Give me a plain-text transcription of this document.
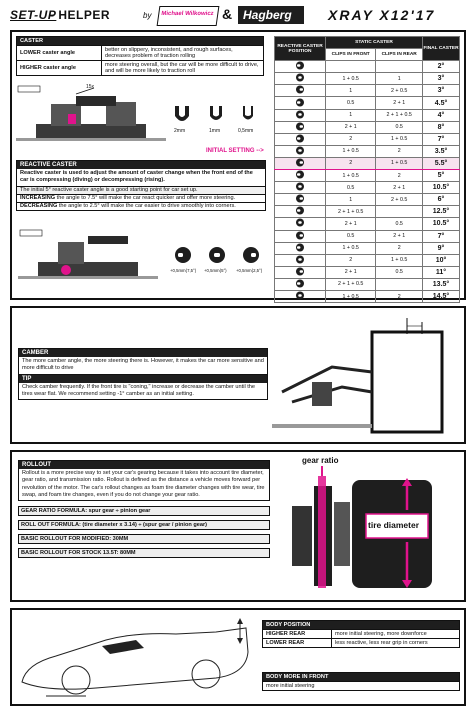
SET-UP
- HELPER	by Michael Wilkowicz & Hagberg	XRAY X12'17
CASTER	
LOWER caster angle	better on slippery, inconsistent, and rough surfaces, decreases problem of traction rolling
HIGHER caster angle	more steering overall, but the car will be more difficult to drive, and will be more likely to traction roll
15x
2mm	1mm	0,5mm
REACTIVE CASTER
Reactive caster is used to adjust the amount of caster change when the front end of the car is compressing (diving) or decompressing (rising).
The initial 5° reactive caster angle is a good starting point for car set up.
INCREASING the angle to 7.5° will make the car react quicker and offer more steering.
DECREASING the angle to 2.5° will make the car easier to drive smoothly into corners.
+0,5mm(7,5°) +0,5mm(5°) +0,5mm(2,5°)
INITIAL SETTING -->
REACTIVE CASTER POSITION	STATIC CASTER		FINAL CASTER
	CLIPS IN FRONT	CLIPS IN REAR	
			2°
	1 + 0.5	1	3°
	1	2 + 0.5	3°
	0.5	2 + 1	4.5°
	1	2 + 1 + 0.5	4°
	2 + 1	0.5	8°
	2	1 + 0.5	7°
	1 + 0.5	2	3.5°
	2	1 + 0.5	5.5°
	1 + 0.5	2	5°
	0.5	2 + 1	10.5°
	1	2 + 0.5	6°
	2 + 1 + 0.5		12.5°
	2 + 1	0.5	10.5°
	0.5	2 + 1	7°
	1 + 0.5	2	9°
	2	1 + 0.5	10°
	2 + 1	0.5	11°
	2 + 1 + 0.5		13.5°
	1 + 0.5	2	14.5°
CAMBER
The more camber angle, the more steering there is. However, it makes the car more sensitive and more difficult to drive
TIP
Check camber frequently. If the front tire is "coning," increase or decrease the camber until the tires wear flat. We recommend setting -1° camber as an initial setting.
ROLLOUT
Rollout is a more precise way to set your car's gearing because it takes into account tire diameter, gear ratio, and transmission ratio. Rollout is defined as the distance a vehicle moves forward per revolution of the motor. The car's rollout changes as foam tire diameter changes with tire wear, tire swap, and foam tire changes, even if you do not change your gear ratio.
GEAR RATIO FORMULA: spur gear ÷ pinion gear
ROLL OUT FORMULA: (tire diameter x 3.14) ÷ (spur gear / pinion gear)
BASIC ROLLOUT FOR MODIFIED: 30MM
BASIC ROLLOUT FOR STOCK 13.5T: 80MM
gear ratio
tire diameter
BODY POSITION	
HIGHER REAR	more initial steering, more downforce
LOWER REAR	less reactive, less rear grip in corners
BODY MORE IN FRONT
more initial steering
